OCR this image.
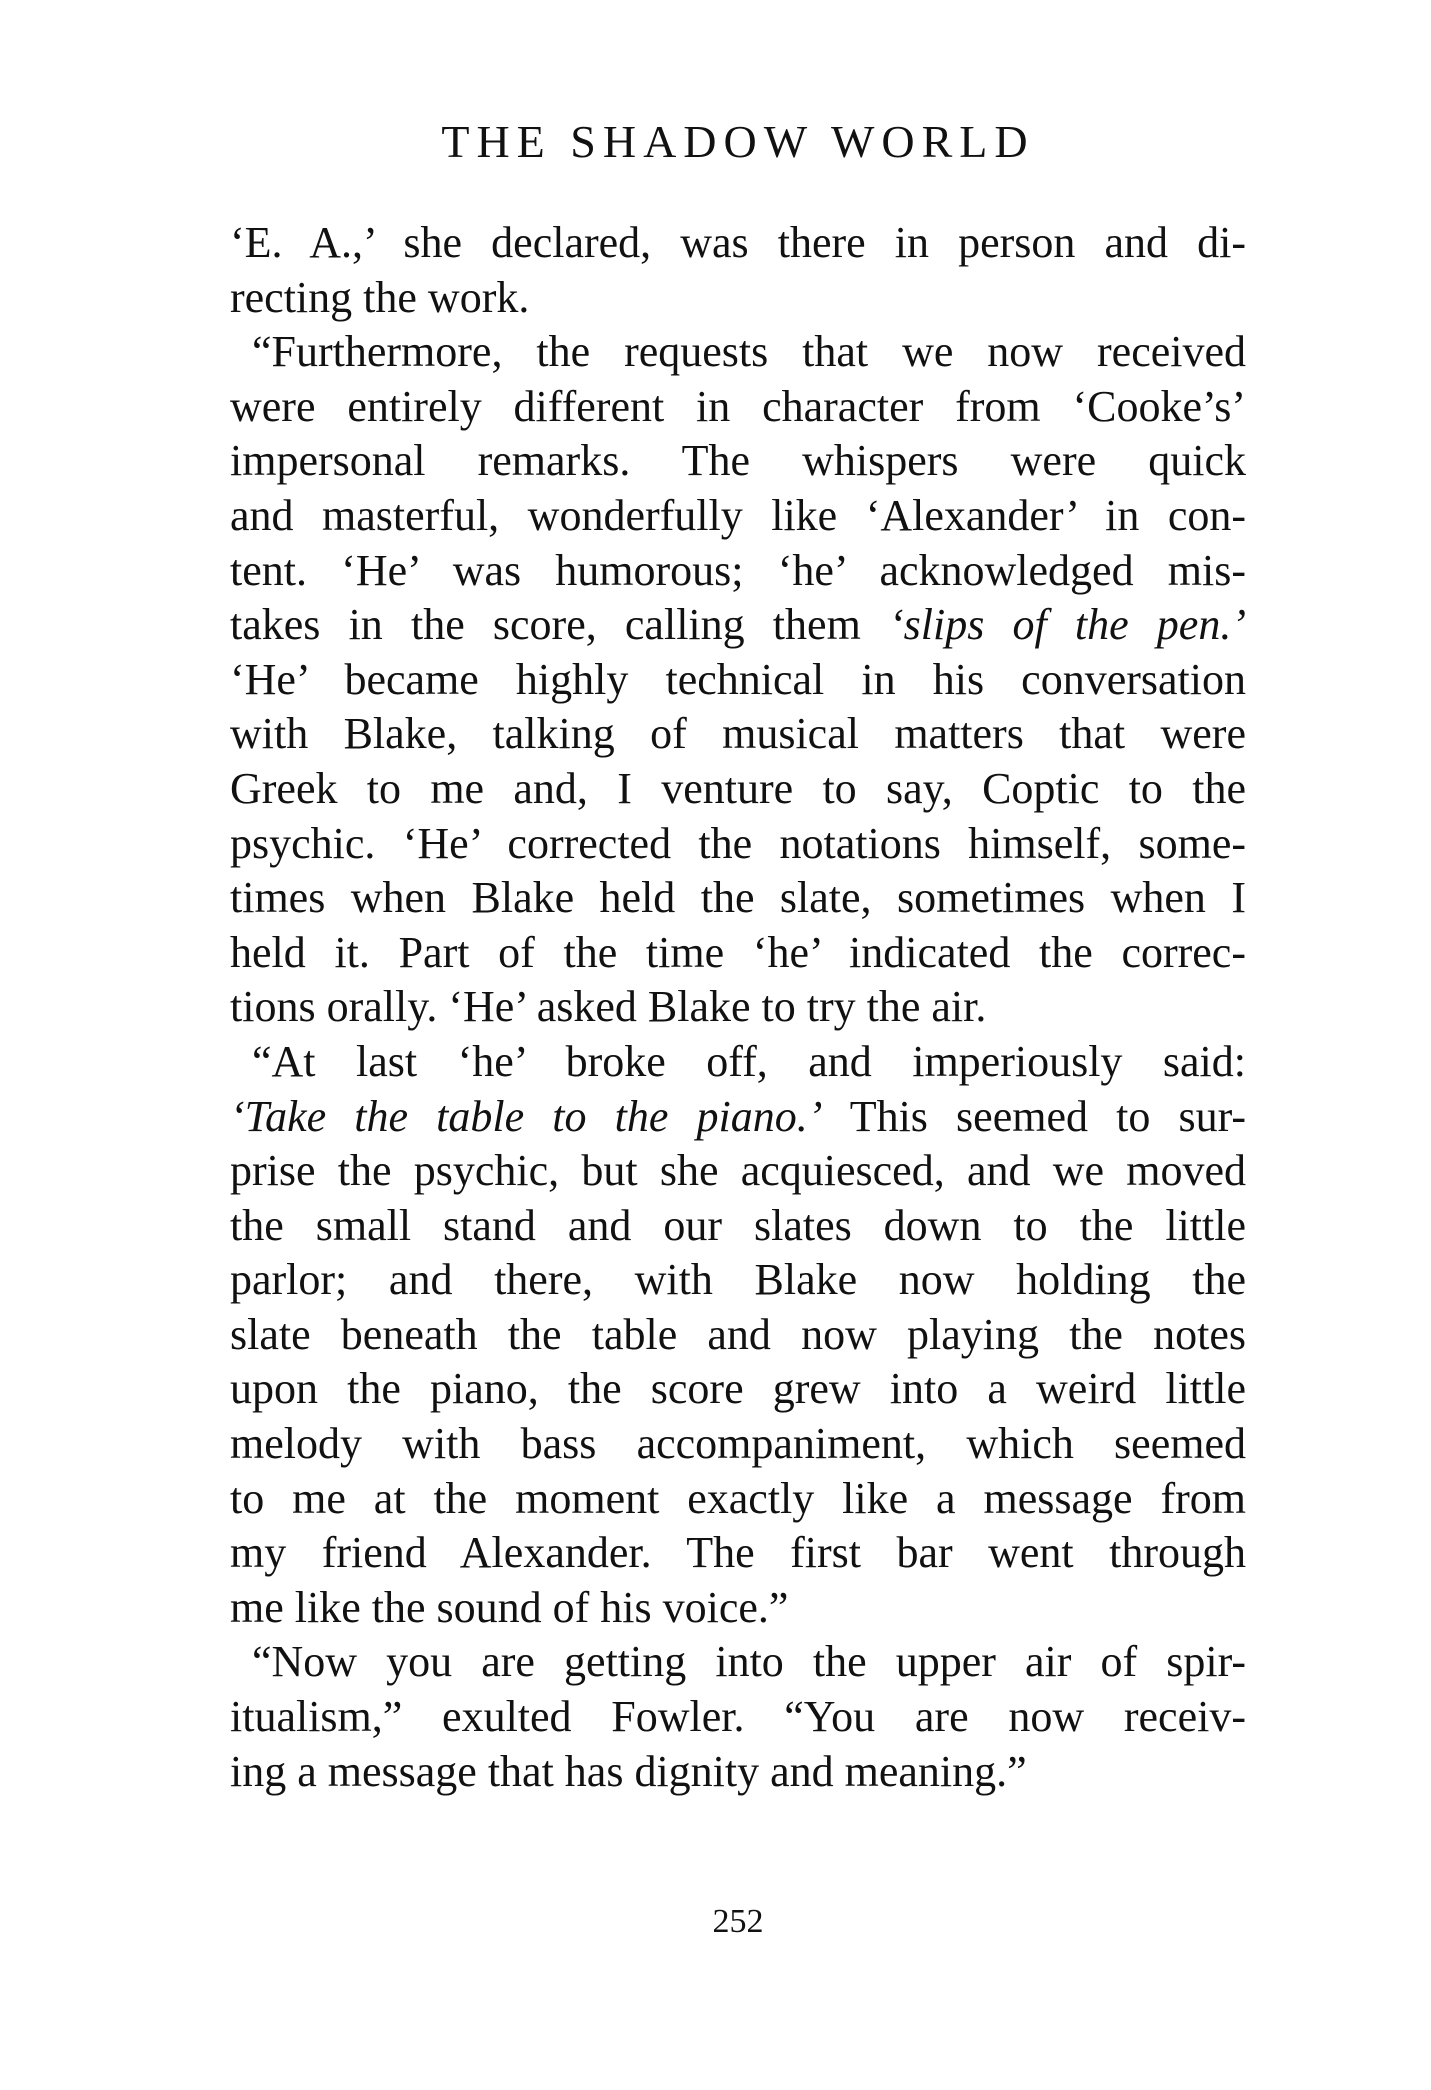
THE SHADOW WORLD
‘E. A.,’ she declared, was there in person and di-
recting the work.
“Furthermore, the requests that we now received
were entirely different in character from ‘Cooke’s’
impersonal remarks. The whispers were quick
and masterful, wonderfully like ‘Alexander’ in con-
tent. ‘He’ was humorous; ‘he’ acknowledged mis-
takes in the score, calling them ‘slips of the pen.’
‘He’ became highly technical in his conversation
with Blake, talking of musical matters that were
Greek to me and, I venture to say, Coptic to the
psychic. ‘He’ corrected the notations himself, some-
times when Blake held the slate, sometimes when I
held it. Part of the time ‘he’ indicated the correc-
tions orally. ‘He’ asked Blake to try the air.
“At last ‘he’ broke off, and imperiously said:
‘Take the table to the piano.’ This seemed to sur-
prise the psychic, but she acquiesced, and we moved
the small stand and our slates down to the little
parlor; and there, with Blake now holding the
slate beneath the table and now playing the notes
upon the piano, the score grew into a weird little
melody with bass accompaniment, which seemed
to me at the moment exactly like a message from
my friend Alexander. The first bar went through
me like the sound of his voice.”
“Now you are getting into the upper air of spir-
itualism,” exulted Fowler. “You are now receiv-
ing a message that has dignity and meaning.”
252
